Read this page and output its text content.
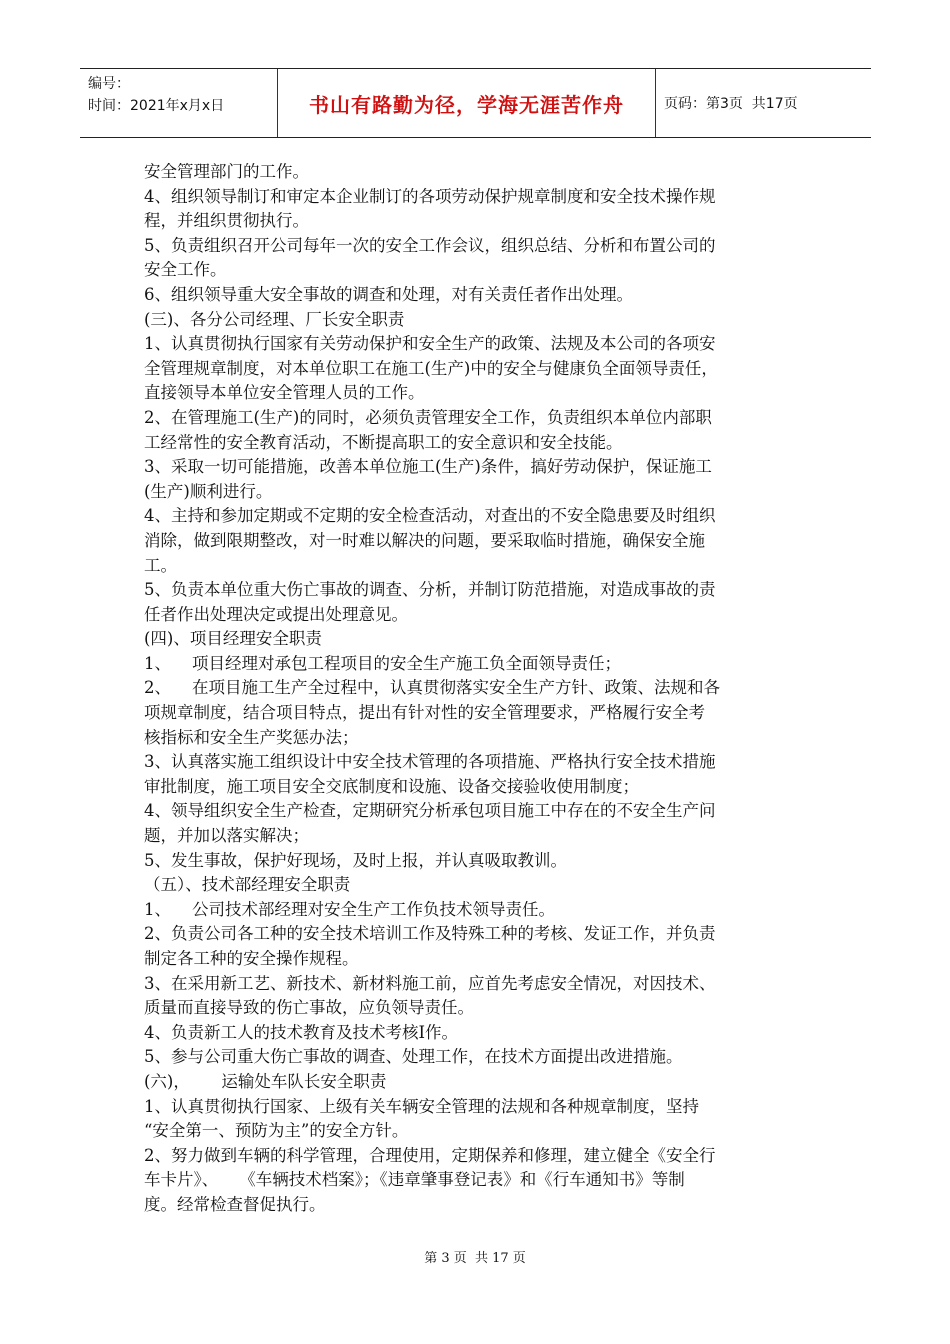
编号：
时间：2021年x月x日	书山有路勤为径，学海无涯苦作舟	页码：第3页  共17页
安全管理部门的工作。
4、组织领导制订和审定本企业制订的各项劳动保护规章制度和安全技术操作规
程，并组织贯彻执行。
5、负责组织召开公司每年一次的安全工作会议，组织总结、分析和布置公司的
安全工作。
6、组织领导重大安全事故的调查和处理，对有关责任者作出处理。
(三)、各分公司经理、厂长安全职责
1、认真贯彻执行国家有关劳动保护和安全生产的政策、法规及本公司的各项安
全管理规章制度，对本单位职工在施工(生产)中的安全与健康负全面领导责任，
直接领导本单位安全管理人员的工作。
2、在管理施工(生产)的同时，必须负责管理安全工作，负责组织本单位内部职
工经常性的安全教育活动，不断提高职工的安全意识和安全技能。
3、采取一切可能措施，改善本单位施工(生产)条件，搞好劳动保护，保证施工
(生产)顺利进行。
4、主持和参加定期或不定期的安全检查活动，对查出的不安全隐患要及时组织
消除，做到限期整改，对一时难以解决的问题，要采取临时措施，确保安全施
工。
5、负责本单位重大伤亡事故的调查、分析，并制订防范措施，对造成事故的责
任者作出处理决定或提出处理意见。
(四)、项目经理安全职责
1、    项目经理对承包工程项目的安全生产施工负全面领导责任；
2、    在项目施工生产全过程中，认真贯彻落实安全生产方针、政策、法规和各
项规章制度，结合项目特点，提出有针对性的安全管理要求，严格履行安全考
核指标和安全生产奖惩办法；
3、认真落实施工组织设计中安全技术管理的各项措施、严格执行安全技术措施
审批制度，施工项目安全交底制度和设施、设备交接验收使用制度；
4、领导组织安全生产检查，定期研究分析承包项目施工中存在的不安全生产问
题，并加以落实解决；
5、发生事故，保护好现场，及时上报，并认真吸取教训。
（五）、技术部经理安全职责
1、    公司技术部经理对安全生产工作负技术领导责任。
2、负责公司各工种的安全技术培训工作及特殊工种的考核、发证工作，并负责
制定各工种的安全操作规程。
3、在采用新工艺、新技术、新材料施工前，应首先考虑安全情况，对因技术、
质量而直接导致的伤亡事故，应负领导责任。
4、负责新工人的技术教育及技术考核Ⅰ作。
5、参与公司重大伤亡事故的调查、处理工作，在技术方面提出改进措施。
(六)，      运输处车队长安全职责
1、认真贯彻执行国家、上级有关车辆安全管理的法规和各种规章制度，坚持
“安全第一、预防为主”的安全方针。
2、努力做到车辆的科学管理，合理使用，定期保养和修理，建立健全《安全行
车卡片》、    《车辆技术档案》；《违章肇事登记表》和《行车通知书》等制
度。经常检查督促执行。
第 3 页  共 17 页
